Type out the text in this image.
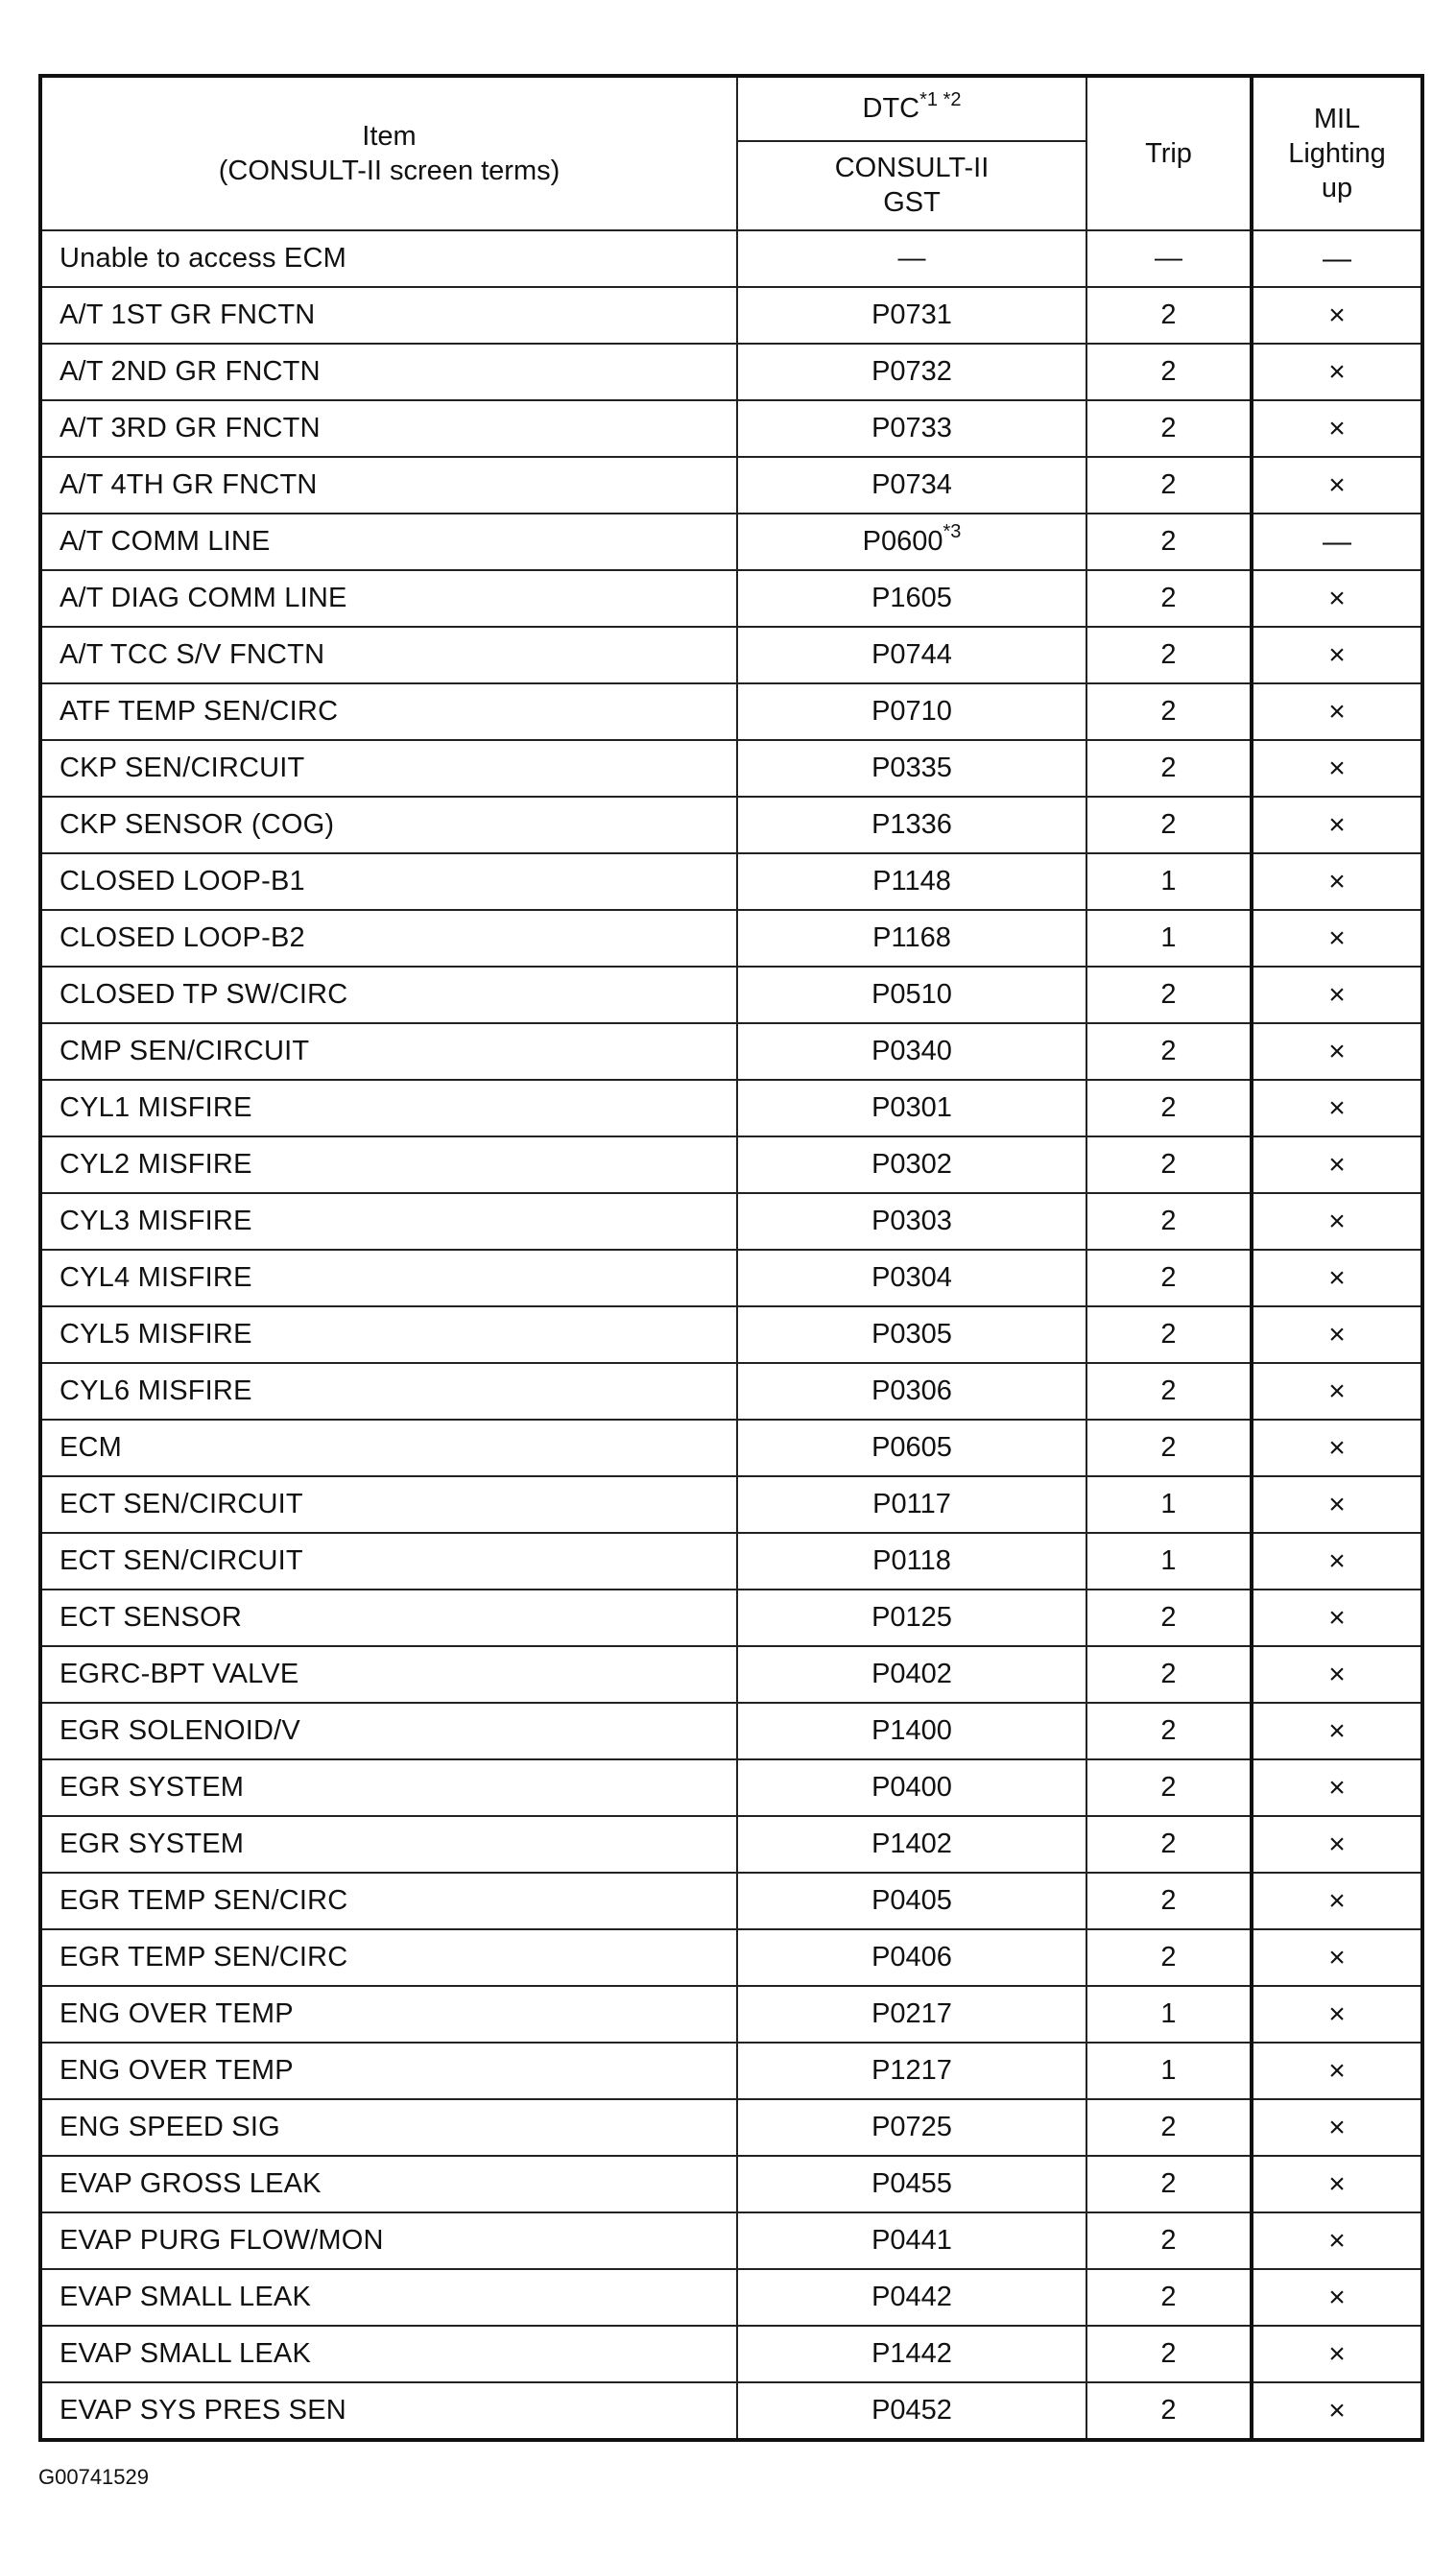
Item
(CONSULT-II screen terms)	$DTC^{*1 *2}$	Trip	MIL
Lighting
up
	CONSULT-II
GST		
Unable to access ECM	—	—	—
A/T 1ST GR FNCTN	P0731	2	×
A/T 2ND GR FNCTN	P0732	2	×
A/T 3RD GR FNCTN	P0733	2	×
A/T 4TH GR FNCTN	P0734	2	×
A/T COMM LINE	P0600$^{*3}$	2	—
A/T DIAG COMM LINE	P1605	2	×
A/T TCC S/V FNCTN	P0744	2	×
ATF TEMP SEN/CIRC	P0710	2	×
CKP SEN/CIRCUIT	P0335	2	×
CKP SENSOR (COG)	P1336	2	×
CLOSED LOOP-B1	P1148	1	×
CLOSED LOOP-B2	P1168	1	×
CLOSED TP SW/CIRC	P0510	2	×
CMP SEN/CIRCUIT	P0340	2	×
CYL1 MISFIRE	P0301	2	×
CYL2 MISFIRE	P0302	2	×
CYL3 MISFIRE	P0303	2	×
CYL4 MISFIRE	P0304	2	×
CYL5 MISFIRE	P0305	2	×
CYL6 MISFIRE	P0306	2	×
ECM	P0605	2	×
ECT SEN/CIRCUIT	P0117	1	×
ECT SEN/CIRCUIT	P0118	1	×
ECT SENSOR	P0125	2	×
EGRC-BPT VALVE	P0402	2	×
EGR SOLENOID/V	P1400	2	×
EGR SYSTEM	P0400	2	×
EGR SYSTEM	P1402	2	×
EGR TEMP SEN/CIRC	P0405	2	×
EGR TEMP SEN/CIRC	P0406	2	×
ENG OVER TEMP	P0217	1	×
ENG OVER TEMP	P1217	1	×
ENG SPEED SIG	P0725	2	×
EVAP GROSS LEAK	P0455	2	×
EVAP PURG FLOW/MON	P0441	2	×
EVAP SMALL LEAK	P0442	2	×
EVAP SMALL LEAK	P1442	2	×
EVAP SYS PRES SEN	P0452	2	×
G00741529
